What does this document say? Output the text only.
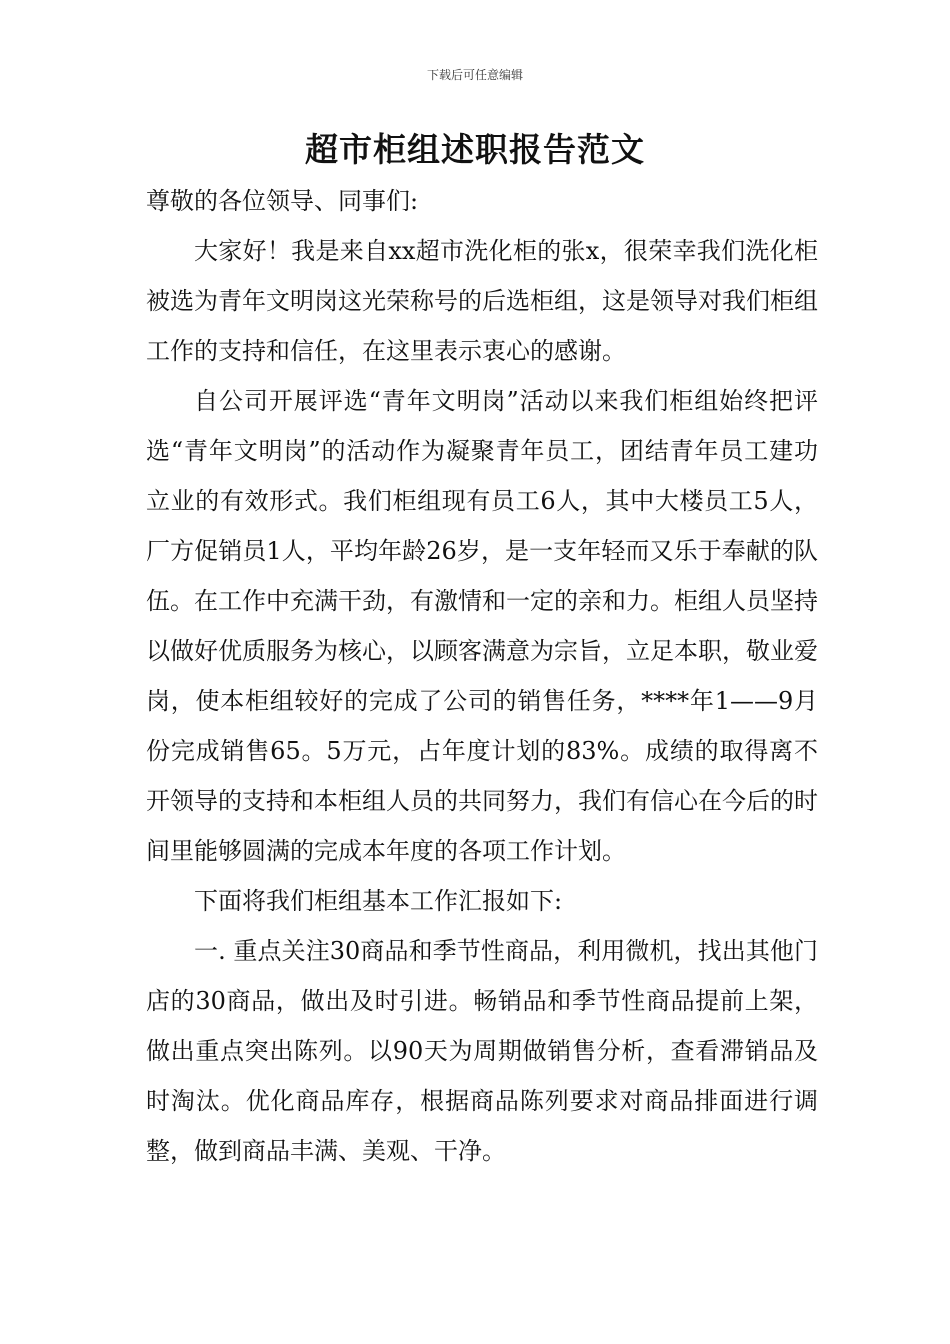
下载后可任意编辑
超市柜组述职报告范文

尊敬的各位领导、同事们:

大家好！我是来自xx超市洗化柜的张x，很荣幸我们洗化柜被选为青年文明岗这光荣称号的后选柜组，这是领导对我们柜组工作的支持和信任，在这里表示衷心的感谢。

自公司开展评选“青年文明岗”活动以来我们柜组始终把评选“青年文明岗”的活动作为凝聚青年员工，团结青年员工建功立业的有效形式。我们柜组现有员工6人，其中大楼员工5人，厂方促销员1人，平均年龄26岁，是一支年轻而又乐于奉献的队伍。在工作中充满干劲，有激情和一定的亲和力。柜组人员坚持以做好优质服务为核心，以顾客满意为宗旨，立足本职，敬业爱岗，使本柜组较好的完成了公司的销售任务，****年1——9月份完成销售65。5万元，占年度计划的83%。成绩的取得离不开领导的支持和本柜组人员的共同努力，我们有信心在今后的时间里能够圆满的完成本年度的各项工作计划。

下面将我们柜组基本工作汇报如下:

一. 重点关注30商品和季节性商品，利用微机，找出其他门店的30商品，做出及时引进。畅销品和季节性商品提前上架，做出重点突出陈列。以90天为周期做销售分析，查看滞销品及时淘汰。优化商品库存，根据商品陈列要求对商品排面进行调整，做到商品丰满、美观、干净。
